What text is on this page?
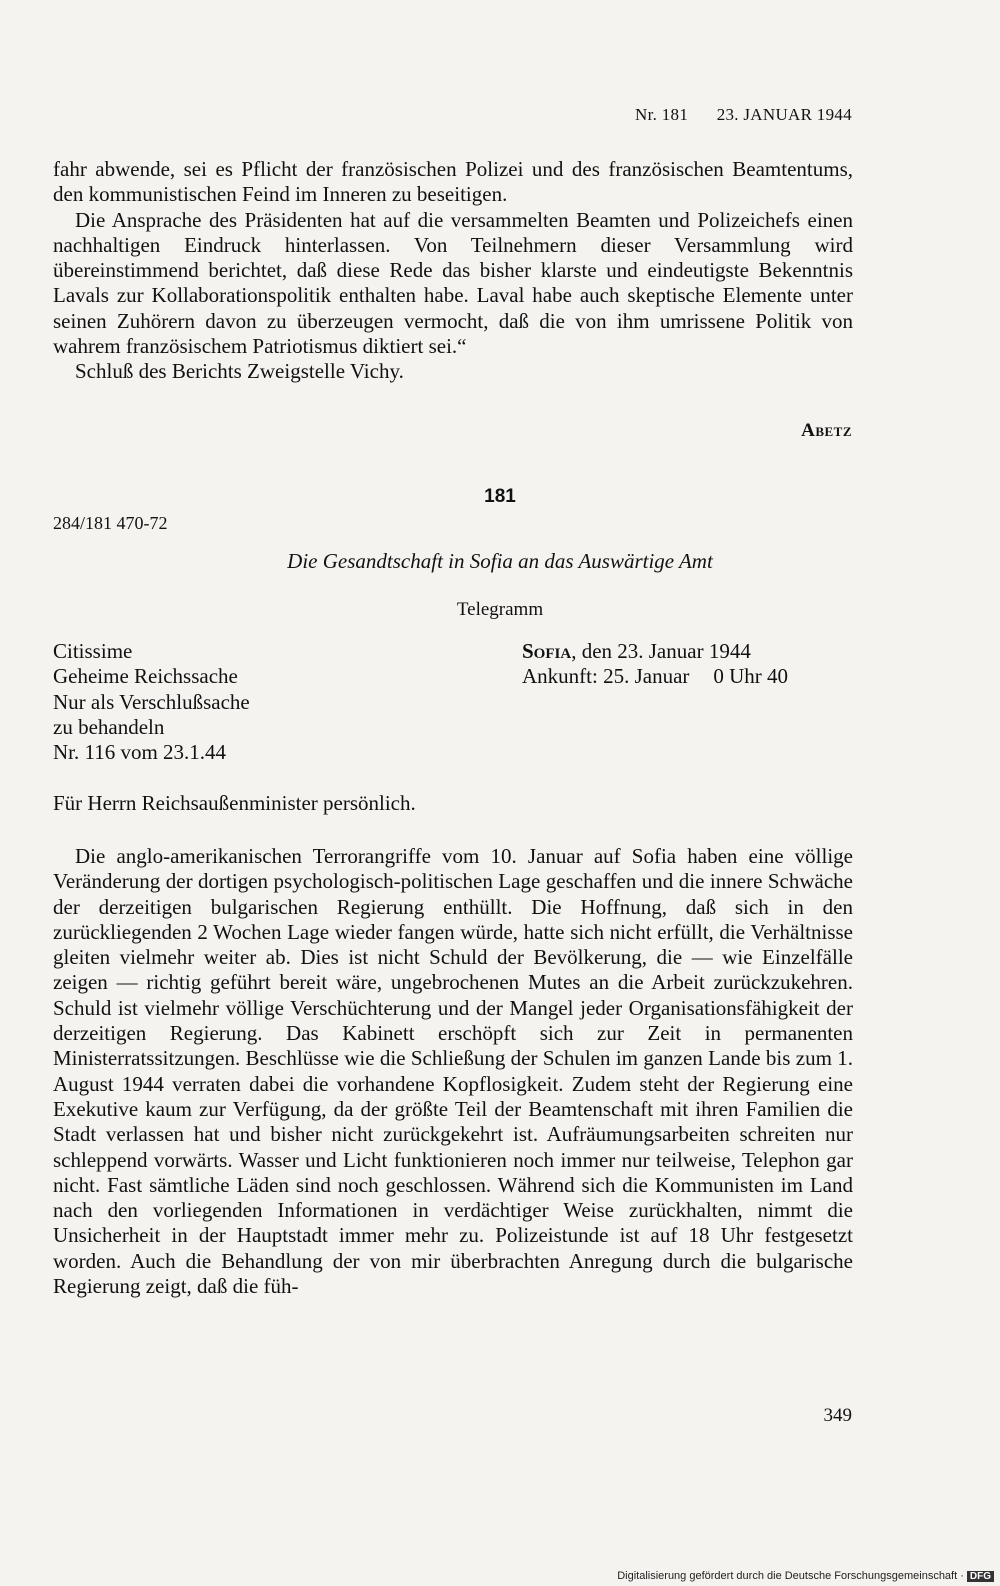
Nr. 181 23. JANUAR 1944

fahr abwende, sei es Pflicht der französischen Polizei und des französischen Beamtentums, den kommunistischen Feind im Inneren zu beseitigen.

Die Ansprache des Präsidenten hat auf die versammelten Beamten und Polizeichefs einen nachhaltigen Eindruck hinterlassen. Von Teilnehmern dieser Versammlung wird übereinstimmend berichtet, daß diese Rede das bisher klarste und eindeutigste Bekenntnis Lavals zur Kollaborationspolitik enthalten habe. Laval habe auch skeptische Elemente unter seinen Zuhörern davon zu überzeugen vermocht, daß die von ihm umrissene Politik von wahrem französischem Patriotismus diktiert sei.“

Schluß des Berichts Zweigstelle Vichy.

Abetz
181
284/181 470-72
Die Gesandtschaft in Sofia an das Auswärtige Amt
Telegramm
Citissime
Geheime Reichssache
Nur als Verschlußsache
zu behandeln
Nr. 116 vom 23.1.44
Sofia, den 23. Januar 1944
Ankunft: 25. Januar 0 Uhr 40
Für Herrn Reichsaußenminister persönlich.

Die anglo-amerikanischen Terrorangriffe vom 10. Januar auf Sofia haben eine völlige Veränderung der dortigen psychologisch-politischen Lage geschaffen und die innere Schwäche der derzeitigen bulgarischen Regierung enthüllt. Die Hoffnung, daß sich in den zurückliegenden 2 Wochen Lage wieder fangen würde, hatte sich nicht erfüllt, die Verhältnisse gleiten vielmehr weiter ab. Dies ist nicht Schuld der Bevölkerung, die — wie Einzelfälle zeigen — richtig geführt bereit wäre, ungebrochenen Mutes an die Arbeit zurückzukehren. Schuld ist vielmehr völlige Verschüchterung und der Mangel jeder Organisationsfähigkeit der derzeitigen Regierung. Das Kabinett erschöpft sich zur Zeit in permanenten Ministerratssitzungen. Beschlüsse wie die Schließung der Schulen im ganzen Lande bis zum 1. August 1944 verraten dabei die vorhandene Kopflosigkeit. Zudem steht der Regierung eine Exekutive kaum zur Verfügung, da der größte Teil der Beamtenschaft mit ihren Familien die Stadt verlassen hat und bisher nicht zurückgekehrt ist. Aufräumungsarbeiten schreiten nur schleppend vorwärts. Wasser und Licht funktionieren noch immer nur teilweise, Telephon gar nicht. Fast sämtliche Läden sind noch geschlossen. Während sich die Kommunisten im Land nach den vorliegenden Informationen in verdächtiger Weise zurückhalten, nimmt die Unsicherheit in der Hauptstadt immer mehr zu. Polizeistunde ist auf 18 Uhr festgesetzt worden. Auch die Behandlung der von mir überbrachten Anregung durch die bulgarische Regierung zeigt, daß die füh-

349
Digitalisierung gefördert durch die Deutsche Forschungsgemeinschaft · DFG
